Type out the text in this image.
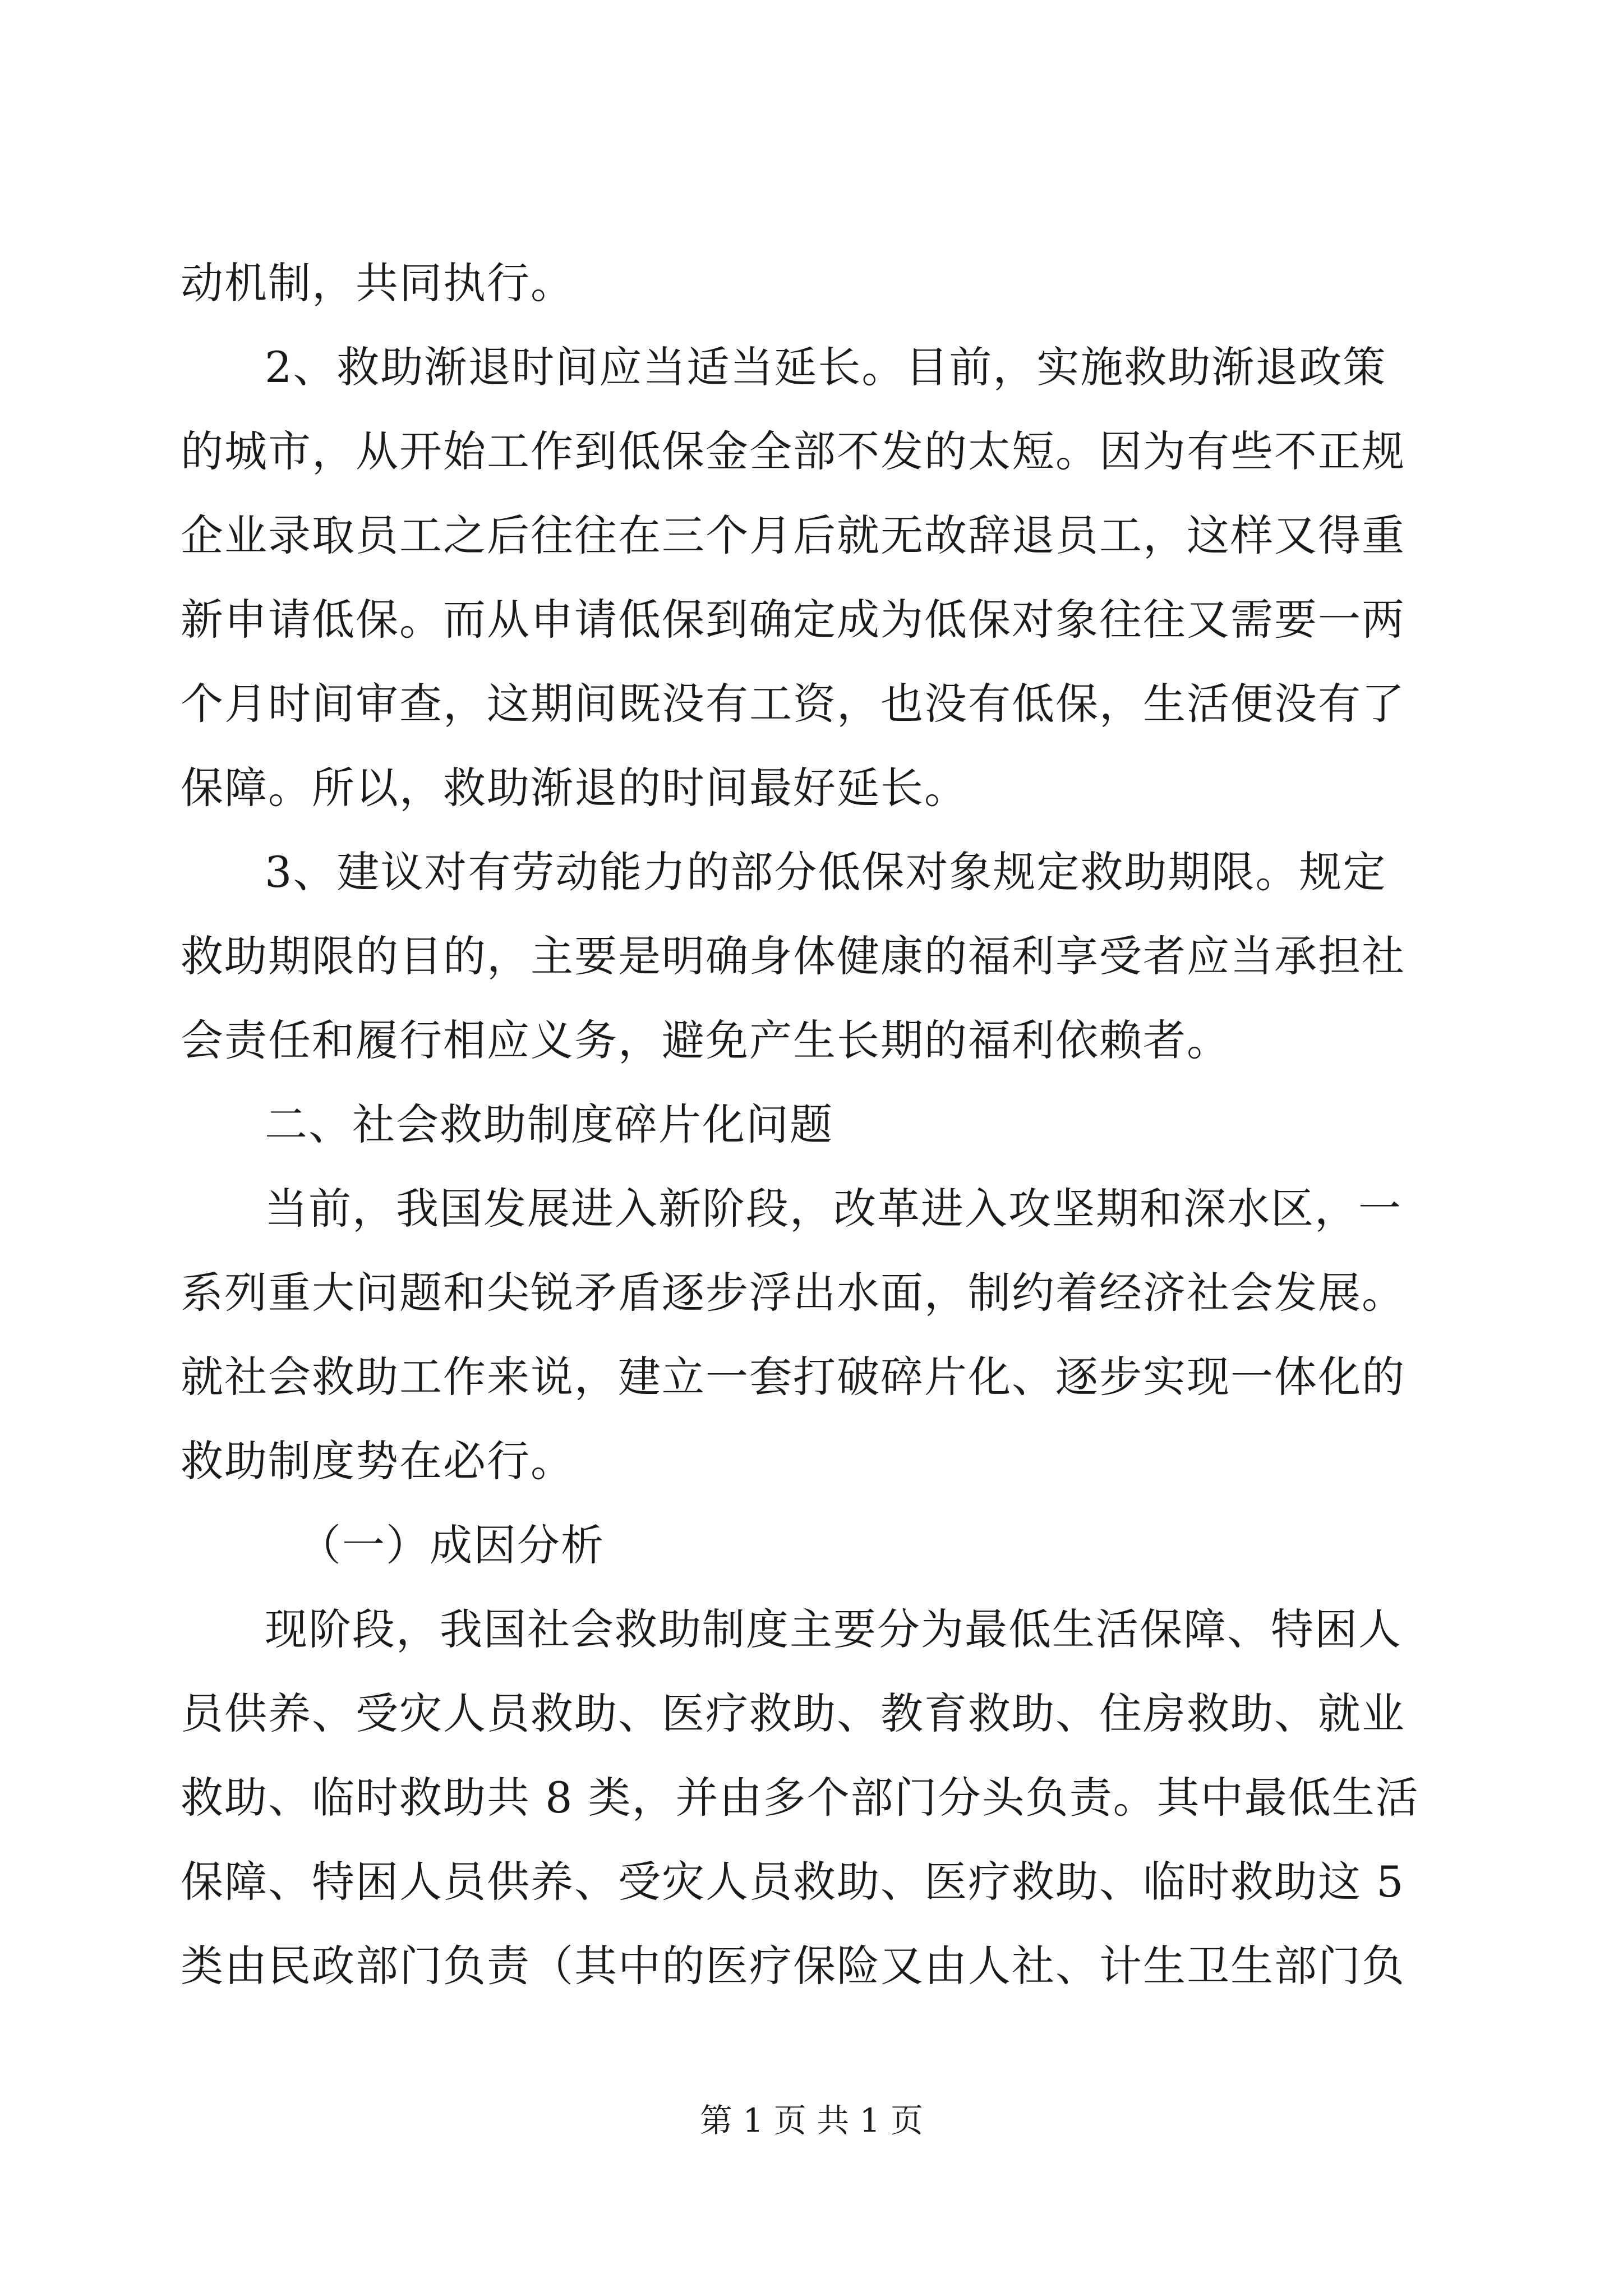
动机制，共同执行。
2、救助渐退时间应当适当延长。目前，实施救助渐退政策
的城市，从开始工作到低保金全部不发的太短。因为有些不正规
企业录取员工之后往往在三个月后就无故辞退员工，这样又得重
新申请低保。而从申请低保到确定成为低保对象往往又需要一两
个月时间审查，这期间既没有工资，也没有低保，生活便没有了
保障。所以，救助渐退的时间最好延长。
3、建议对有劳动能力的部分低保对象规定救助期限。规定
救助期限的目的，主要是明确身体健康的福利享受者应当承担社
会责任和履行相应义务，避免产生长期的福利依赖者。
二、社会救助制度碎片化问题
当前，我国发展进入新阶段，改革进入攻坚期和深水区，一
系列重大问题和尖锐矛盾逐步浮出水面，制约着经济社会发展。
就社会救助工作来说，建立一套打破碎片化、逐步实现一体化的
救助制度势在必行。
（一）成因分析
现阶段，我国社会救助制度主要分为最低生活保障、特困人
员供养、受灾人员救助、医疗救助、教育救助、住房救助、就业
救助、临时救助共 8 类，并由多个部门分头负责。其中最低生活
保障、特困人员供养、受灾人员救助、医疗救助、临时救助这 5
类由民政部门负责（其中的医疗保险又由人社、计生卫生部门负
第 1 页 共 1 页
